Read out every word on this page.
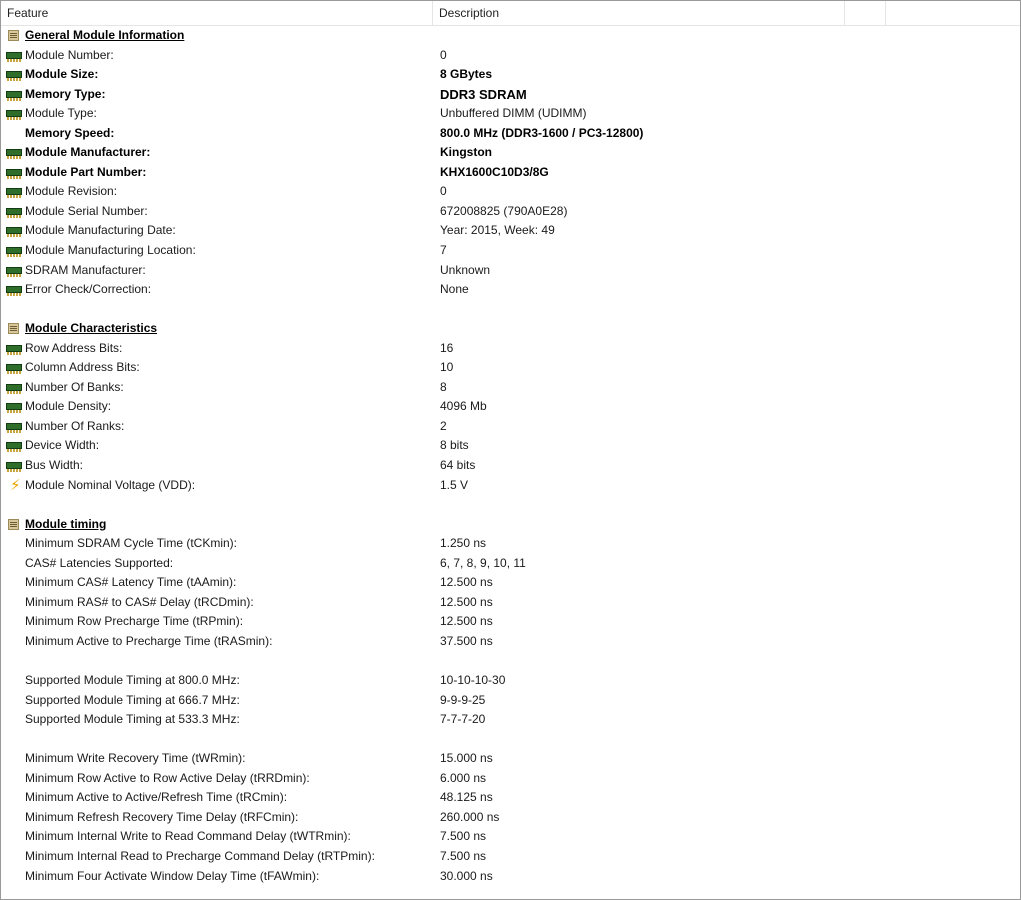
Feature	Description
General Module Information
Module Number:	0
Module Size:	8 GBytes
Memory Type:	DDR3 SDRAM
Module Type:	Unbuffered DIMM (UDIMM)
Memory Speed:	800.0 MHz (DDR3-1600 / PC3-12800)
Module Manufacturer:	Kingston
Module Part Number:	KHX1600C10D3/8G
Module Revision:	0
Module Serial Number:	672008825 (790A0E28)
Module Manufacturing Date:	Year: 2015, Week: 49
Module Manufacturing Location:	7
SDRAM Manufacturer:	Unknown
Error Check/Correction:	None
Module Characteristics
Row Address Bits:	16
Column Address Bits:	10
Number Of Banks:	8
Module Density:	4096 Mb
Number Of Ranks:	2
Device Width:	8 bits
Bus Width:	64 bits
⚡ Module Nominal Voltage (VDD):	1.5 V
Module timing
Minimum SDRAM Cycle Time (tCKmin):	1.250 ns
CAS# Latencies Supported:	6, 7, 8, 9, 10, 11
Minimum CAS# Latency Time (tAAmin):	12.500 ns
Minimum RAS# to CAS# Delay (tRCDmin):	12.500 ns
Minimum Row Precharge Time (tRPmin):	12.500 ns
Minimum Active to Precharge Time (tRASmin):	37.500 ns
Supported Module Timing at 800.0 MHz:	10-10-10-30
Supported Module Timing at 666.7 MHz:	9-9-9-25
Supported Module Timing at 533.3 MHz:	7-7-7-20
Minimum Write Recovery Time (tWRmin):	15.000 ns
Minimum Row Active to Row Active Delay (tRRDmin):	6.000 ns
Minimum Active to Active/Refresh Time (tRCmin):	48.125 ns
Minimum Refresh Recovery Time Delay (tRFCmin):	260.000 ns
Minimum Internal Write to Read Command Delay (tWTRmin):	7.500 ns
Minimum Internal Read to Precharge Command Delay (tRTPmin):	7.500 ns
Minimum Four Activate Window Delay Time (tFAWmin):	30.000 ns
